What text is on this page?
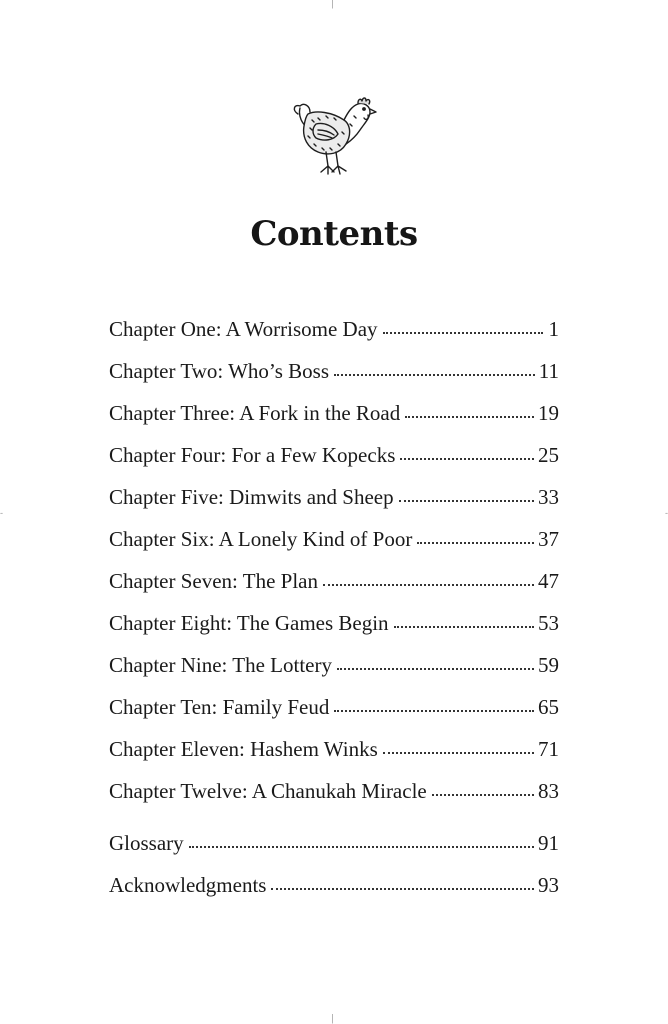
|
|
-	-
Contents
Chapter One: A Worrisome Day	1
Chapter Two: Who’s Boss	11
Chapter Three: A Fork in the Road	19
Chapter Four: For a Few Kopecks	25
Chapter Five: Dimwits and Sheep	33
Chapter Six: A Lonely Kind of Poor	37
Chapter Seven: The Plan	47
Chapter Eight: The Games Begin	53
Chapter Nine: The Lottery	59
Chapter Ten: Family Feud	65
Chapter Eleven: Hashem Winks	71
Chapter Twelve: A Chanukah Miracle	83
Glossary	91
Acknowledgments	93
